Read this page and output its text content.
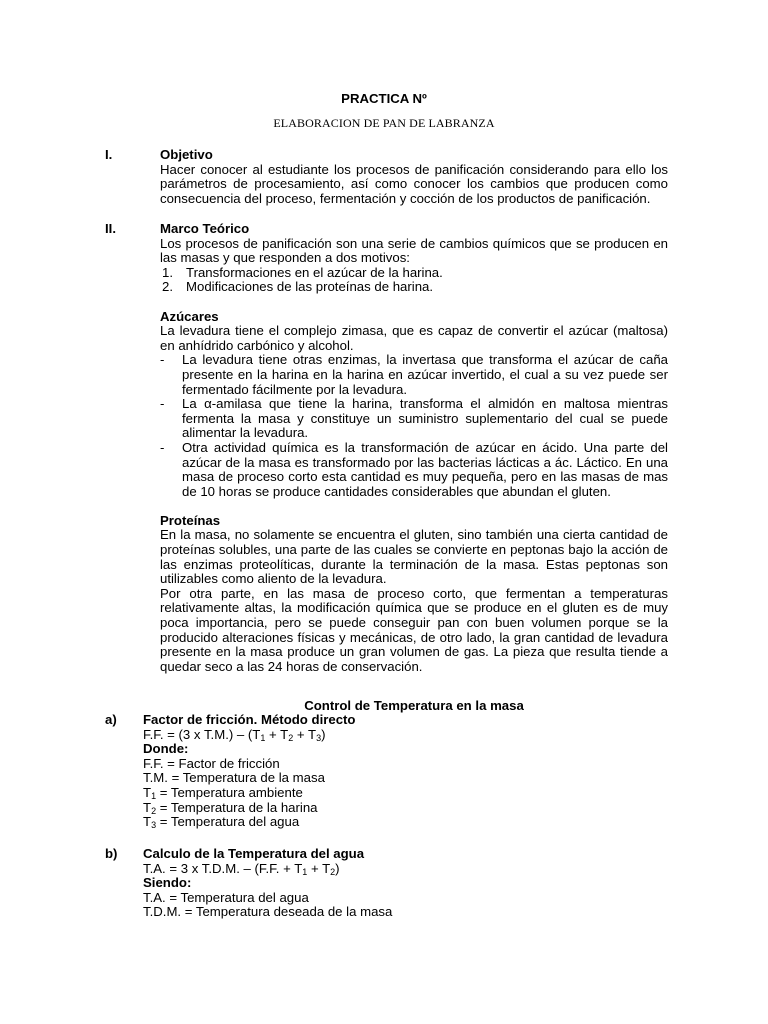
PRACTICA Nº
ELABORACION DE PAN DE LABRANZA
I.	Objetivo

Hacer conocer al estudiante los procesos de panificación considerando para ello los parámetros de procesamiento, así como conocer los cambios que producen como consecuencia del proceso, fermentación y cocción de los productos de panificación.

II.	Marco Teórico

Los procesos de panificación son una serie de cambios químicos que se producen en las masas y que responden a dos motivos:

1. Transformaciones en el azúcar de la harina.
2. Modificaciones de las proteínas de harina.
Azúcares

La levadura tiene el complejo zimasa, que es capaz de convertir el azúcar (maltosa) en anhídrido carbónico y alcohol.

- La levadura tiene otras enzimas, la invertasa que transforma el azúcar de caña presente en la harina en la harina en azúcar invertido, el cual a su vez puede ser fermentado fácilmente por la levadura.
- La α-amilasa que tiene la harina, transforma el almidón en maltosa mientras fermenta la masa y constituye un suministro suplementario del cual se puede alimentar la levadura.
- Otra actividad química es la transformación de azúcar en ácido. Una parte del azúcar de la masa es transformado por las bacterias lácticas a ác. Láctico. En una masa de proceso corto esta cantidad es muy pequeña, pero en las masas de mas de 10 horas se produce cantidades considerables que abundan el gluten.
Proteínas

En la masa, no solamente se encuentra el gluten, sino también una cierta cantidad de proteínas solubles, una parte de las cuales se convierte en peptonas bajo la acción de las enzimas proteolíticas, durante la terminación de la masa. Estas peptonas son utilizables como aliento de la levadura.

Por otra parte, en las masa de proceso corto, que fermentan a temperaturas relativamente altas, la modificación química que se produce en el gluten es de muy poca importancia, pero se puede conseguir pan con buen volumen porque se la producido alteraciones físicas y mecánicas, de otro lado, la gran cantidad de levadura presente en la masa produce un gran volumen de gas. La pieza que resulta tiende a quedar seco a las 24 horas de conservación.

Control de Temperatura en la masa
a) Factor de fricción. Método directo
F.F. = (3 x $T.M.) - (T_1 + T_2 + T_3)$
Donde:
F.F. = Factor de fricción
T.M. = Temperatura de la masa
$T_1$ = Temperatura ambiente
$T_2$ = Temperatura de la harina
$T_3$ = Temperatura del agua
b) Calculo de la Temperatura del agua
T.A. = 3 x T.D.M. – (F.F. + $T_1 + T_2$)
Siendo:
T.A. = Temperatura del agua
T.D.M. = Temperatura deseada de la masa
